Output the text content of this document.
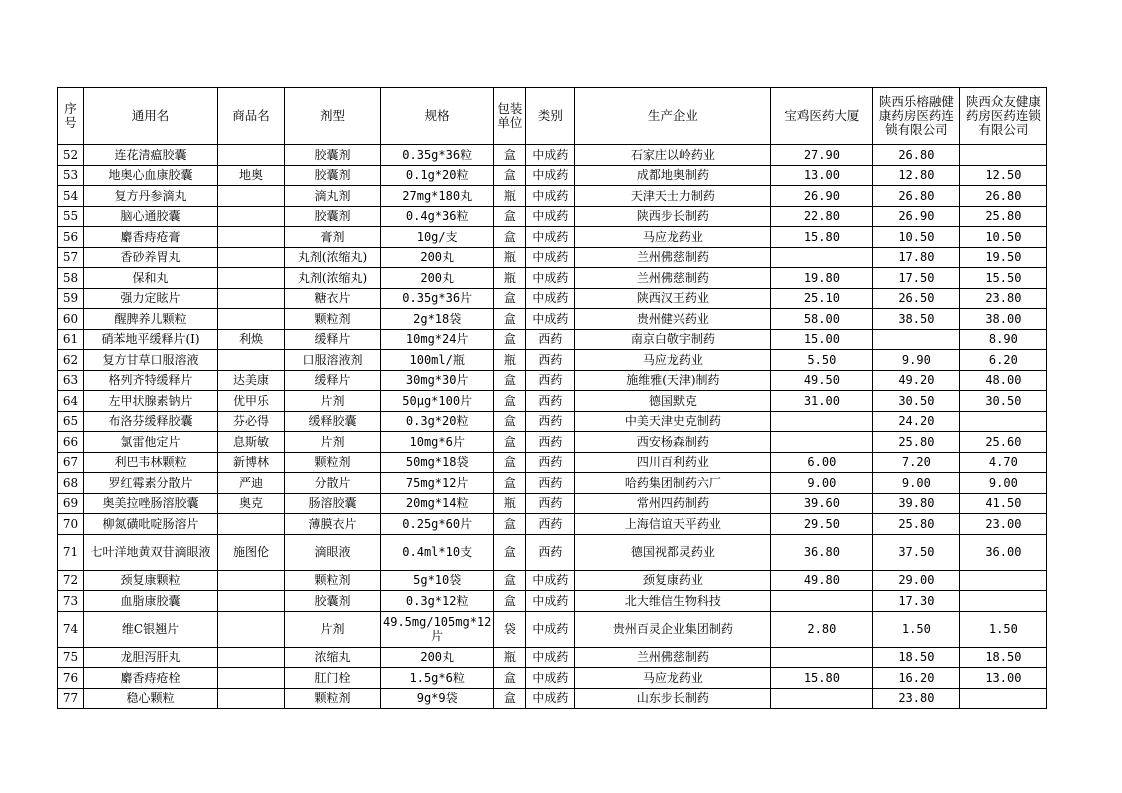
序号	通用名	商品名	剂型	规格	包装单位	类别	生产企业	宝鸡医药大厦	陕西乐榕融健康药房医药连锁有限公司	陕西众友健康药房医药连锁有限公司
52	连花清瘟胶囊		胶囊剂	0.35g*36粒	盒	中成药	石家庄以岭药业	27.90	26.80	
53	地奥心血康胶囊	地奥	胶囊剂	0.1g*20粒	盒	中成药	成都地奥制药	13.00	12.80	12.50
54	复方丹参滴丸		滴丸剂	27mg*180丸	瓶	中成药	天津天士力制药	26.90	26.80	26.80
55	脑心通胶囊		胶囊剂	0.4g*36粒	盒	中成药	陕西步长制药	22.80	26.90	25.80
56	麝香痔疮膏		膏剂	10g/支	盒	中成药	马应龙药业	15.80	10.50	10.50
57	香砂养胃丸		丸剂(浓缩丸)	200丸	瓶	中成药	兰州佛慈制药		17.80	19.50
58	保和丸		丸剂(浓缩丸)	200丸	瓶	中成药	兰州佛慈制药	19.80	17.50	15.50
59	强力定眩片		糖衣片	0.35g*36片	盒	中成药	陕西汉王药业	25.10	26.50	23.80
60	醒脾养儿颗粒		颗粒剂	2g*18袋	盒	中成药	贵州健兴药业	58.00	38.50	38.00
61	硝苯地平缓释片(Ⅰ)	利焕	缓释片	10mg*24片	盒	西药	南京白敬宇制药	15.00		8.90
62	复方甘草口服溶液		口服溶液剂	100ml/瓶	瓶	西药	马应龙药业	5.50	9.90	6.20
63	格列齐特缓释片	达美康	缓释片	30mg*30片	盒	西药	施维雅(天津)制药	49.50	49.20	48.00
64	左甲状腺素钠片	优甲乐	片剂	50μg*100片	盒	西药	德国默克	31.00	30.50	30.50
65	布洛芬缓释胶囊	芬必得	缓释胶囊	0.3g*20粒	盒	西药	中美天津史克制药		24.20	
66	氯雷他定片	息斯敏	片剂	10mg*6片	盒	西药	西安杨森制药		25.80	25.60
67	利巴韦林颗粒	新博林	颗粒剂	50mg*18袋	盒	西药	四川百利药业	6.00	7.20	4.70
68	罗红霉素分散片	严迪	分散片	75mg*12片	盒	西药	哈药集团制药六厂	9.00	9.00	9.00
69	奥美拉唑肠溶胶囊	奥克	肠溶胶囊	20mg*14粒	瓶	西药	常州四药制药	39.60	39.80	41.50
70	柳氮磺吡啶肠溶片		薄膜衣片	0.25g*60片	盒	西药	上海信谊天平药业	29.50	25.80	23.00
71	七叶洋地黄双苷滴眼液	施图伦	滴眼液	0.4ml*10支	盒	西药	德国视都灵药业	36.80	37.50	36.00
72	颈复康颗粒		颗粒剂	5g*10袋	盒	中成药	颈复康药业	49.80	29.00	
73	血脂康胶囊		胶囊剂	0.3g*12粒	盒	中成药	北大维信生物科技		17.30	
74	维C银翘片		片剂	49.5mg/105mg*12片	袋	中成药	贵州百灵企业集团制药	2.80	1.50	1.50
75	龙胆泻肝丸		浓缩丸	200丸	瓶	中成药	兰州佛慈制药		18.50	18.50
76	麝香痔疮栓		肛门栓	1.5g*6粒	盒	中成药	马应龙药业	15.80	16.20	13.00
77	稳心颗粒		颗粒剂	9g*9袋	盒	中成药	山东步长制药		23.80	
